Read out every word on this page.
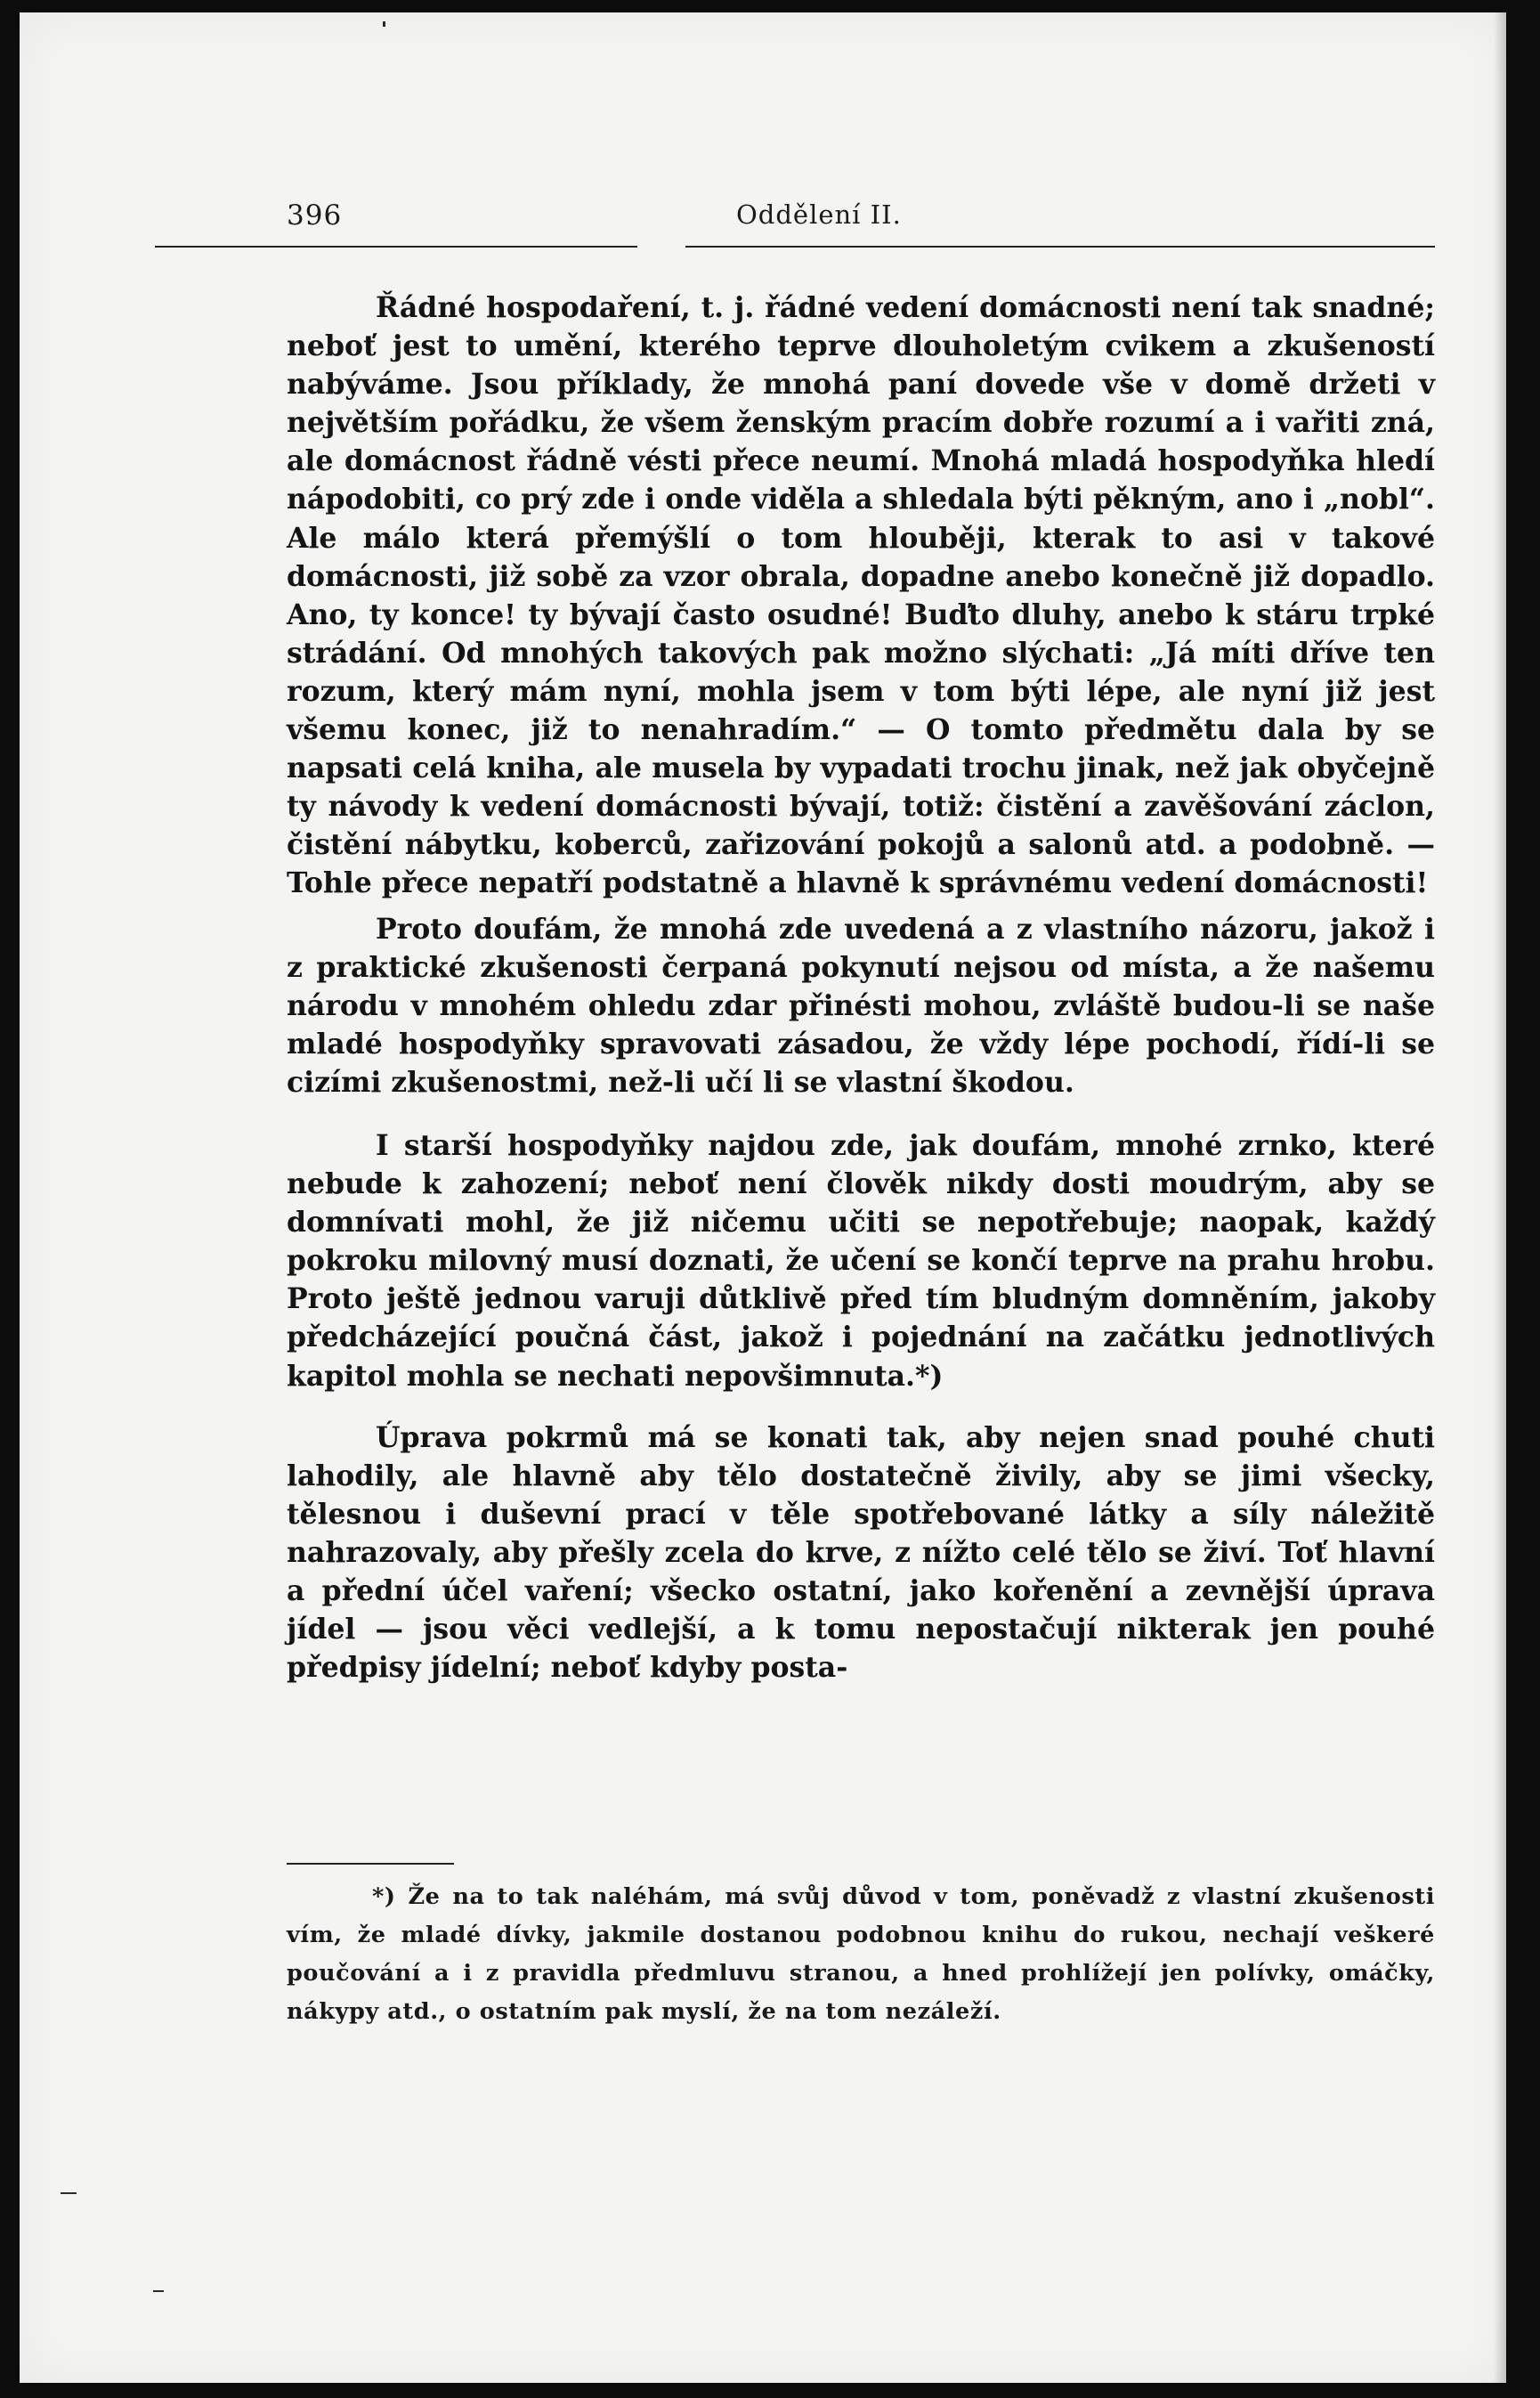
396	Oddělení II.

Řádné hospodaření, t. j. řádné vedení domácnosti není tak snadné; neboť jest to umění, kterého teprve dlouholetým cvikem a zkušeností nabýváme. Jsou příklady, že mnohá paní dovede vše v domě držeti v největším pořádku, že všem ženským pracím dobře rozumí a i vařiti zná, ale domácnost řádně vésti přece neumí. Mnohá mladá hospodyňka hledí nápodobiti, co prý zde i onde viděla a shledala býti pěkným, ano i „nobl“. Ale málo která přemýšlí o tom hlouběji, kterak to asi v takové domácnosti, již sobě za vzor obrala, dopadne anebo konečně již dopadlo. Ano, ty konce! ty bývají často osudné! Buďto dluhy, anebo k stáru trpké strádání. Od mnohých takových pak možno slýchati: „Já míti dříve ten rozum, který mám nyní, mohla jsem v tom býti lépe, ale nyní již jest všemu konec, již to nenahradím.“ — O tomto předmětu dala by se napsati celá kniha, ale musela by vypadati trochu jinak, než jak obyčejně ty návody k vedení domácnosti bývají, totiž: čistění a zavěšování záclon, čistění nábytku, koberců, zařizování pokojů a salonů atd. a podobně. — Tohle přece nepatří podstatně a hlavně k správnému vedení domácnosti!

Proto doufám, že mnohá zde uvedená a z vlastního názoru, jakož i z praktické zkušenosti čerpaná pokynutí nejsou od místa, a že našemu národu v mnohém ohledu zdar přinésti mohou, zvláště budou-li se naše mladé hospodyňky spravovati zásadou, že vždy lépe pochodí, řídí-li se cizími zkušenostmi, než-li učí li se vlastní škodou.

I starší hospodyňky najdou zde, jak doufám, mnohé zrnko, které nebude k zahození; neboť není člověk nikdy dosti moudrým, aby se domnívati mohl, že již ničemu učiti se nepotřebuje; naopak, každý pokroku milovný musí doznati, že učení se končí teprve na prahu hrobu. Proto ještě jednou varuji důtklivě před tím bludným domněním, jakoby předcházející poučná část, jakož i pojednání na začátku jednotlivých kapitol mohla se nechati nepovšimnuta.*)

Úprava pokrmů má se konati tak, aby nejen snad pouhé chuti lahodily, ale hlavně aby tělo dostatečně živily, aby se jimi všecky, tělesnou i duševní prací v těle spotřebované látky a síly náležitě nahrazovaly, aby přešly zcela do krve, z nížto celé tělo se živí. Toť hlavní a přední účel vaření; všecko ostatní, jako kořenění a zevnější úprava jídel — jsou věci vedlejší, a k tomu nepostačují nikterak jen pouhé předpisy jídelní; neboť kdyby posta-

*) Že na to tak naléhám, má svůj důvod v tom, poněvadž z vlastní zkušenosti vím, že mladé dívky, jakmile dostanou podobnou knihu do rukou, nechají veškeré poučování a i z pravidla předmluvu stranou, a hned prohlížejí jen polívky, omáčky, nákypy atd., o ostatním pak myslí, že na tom nezáleží.
